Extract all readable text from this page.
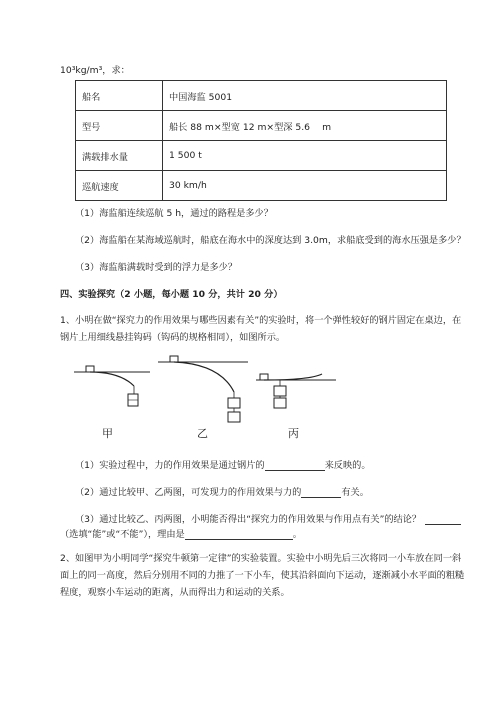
10³kg/m³，求：
船名	中国海监 5001
型号	船长 88 m×型宽 12 m×型深 5.6　 m
满载排水量	1 500 t
巡航速度	30 km/h
（1）海监船连续巡航 5 h，通过的路程是多少？
（2）海监船在某海域巡航时，船底在海水中的深度达到 3.0m，求船底受到的海水压强是多少？
（3）海监船满载时受到的浮力是多少？
四、实验探究（2 小题，每小题 10 分，共计 20 分）
1、小明在做“探究力的作用效果与哪些因素有关”的实验时，将一个弹性较好的钢片固定在桌边，在
钢片上用细线悬挂钩码（钩码的规格相同），如图所示。
甲	乙	丙
（1）实验过程中，力的作用效果是通过钢片的	来反映的。
（2）通过比较甲、乙两图，可发现力的作用效果与力的	有关。
（3）通过比较乙、丙两图，小明能否得出“探究力的作用效果与作用点有关”的结论？
（选填“能”或“不能”），理由是	。
2、如图甲为小明同学“探究牛顿第一定律”的实验装置。实验中小明先后三次将同一小车放在同一斜
面上的同一高度，然后分别用不同的力推了一下小车，使其沿斜面向下运动，逐渐减小水平面的粗糙
程度，观察小车运动的距离，从而得出力和运动的关系。
